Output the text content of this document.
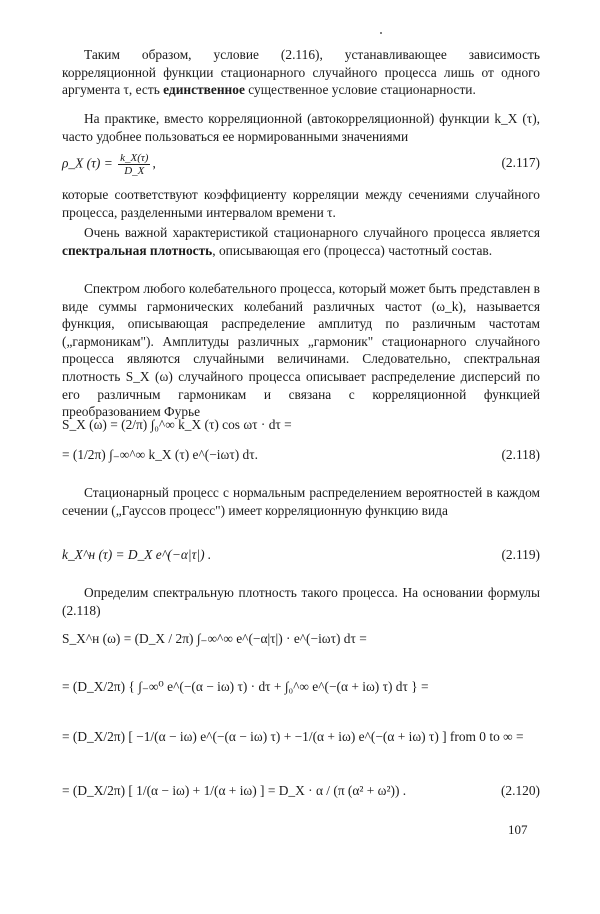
Таким образом, условие (2.116), устанавливающее зависимость корреляционной функции стационарного случайного процесса лишь от одного аргумента τ, есть единственное существенное условие стационарности.
На практике, вместо корреляционной (автокорреляционной) функции k_X (τ), часто удобнее пользоваться ее нормированными значениями
ρ_X $(\tau) = \frac{k\_X(\tau)}{D\_X}$ ,	(2.117)
которые соответствуют коэффициенту корреляции между сечениями случайного процесса, разделенными интервалом времени τ.
Очень важной характеристикой стационарного случайного процесса является спектральная плотность, описывающая его (процесса) частотный состав.
Спектром любого колебательного процесса, который может быть представлен в виде суммы гармонических колебаний различных частот (ω_k), называется функция, описывающая распределение амплитуд по различным частотам („гармоникам"). Амплитуды различных „гармоник" стационарного случайного процесса являются случайными величинами. Следовательно, спектральная плотность S_X (ω) случайного процесса описывает распределение дисперсий по его различным гармоникам и связана с корреляционной функцией преобразованием Фурье
S_X (ω) = (2/π) ∫₀^∞ k_X (τ) cos ωτ · dτ =
= (1/2π) ∫₋∞^∞ k_X (τ) e^(−iωτ) dτ.	(2.118)
Стационарный процесс с нормальным распределением вероятностей в каждом сечении („Гауссов процесс") имеет корреляционную функцию вида
k_X^н (τ) = D_X e^(−α|τ|) .	(2.119)
Определим спектральную плотность такого процесса. На основании формулы (2.118)
S_X^н (ω) = (D_X / 2π) ∫₋∞^∞ e^(−α|τ|) · e^(−iωτ) dτ =
= (D_X/2π) { ∫₋∞⁰ e^(−(α − iω) τ) · dτ + ∫₀^∞ e^(−(α + iω) τ) dτ } =
= (D_X/2π) [ −1/(α − iω) e^(−(α − iω) τ) + −1/(α + iω) e^(−(α + iω) τ) ] from 0 to ∞ =
= (D_X/2π) [ 1/(α − iω) + 1/(α + iω) ] = D_X · α / (π (α² + ω²)) .	(2.120)
107
